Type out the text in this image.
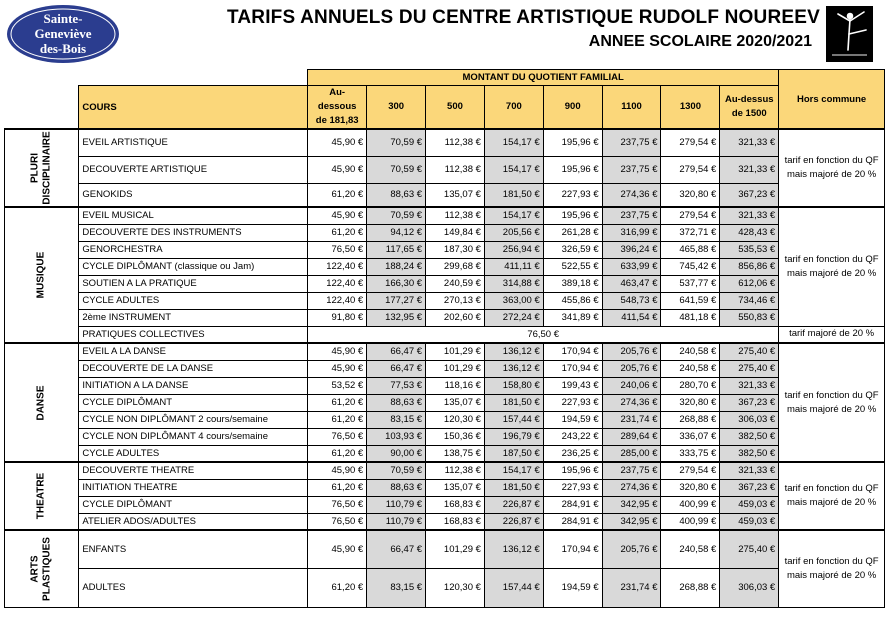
Sainte-
Geneviève
des-Bois
TARIFS ANNUELS DU CENTRE ARTISTIQUE RUDOLF NOUREEV
ANNEE SCOLAIRE 2020/2021
		MONTANT DU QUOTIENT FAMILIAL								Hors commune
	COURS	Au-dessous de 181,83	300	500	700	900	1100	1300	Au-dessus de 1500	

PLURI
DISCIPLINAIRE	EVEIL ARTISTIQUE	45,90 €	70,59 €	112,38 €	154,17 €	195,96 €	237,75 €	279,54 €	321,33 €	tarif en fonction du QF mais majoré de 20 %
	DECOUVERTE ARTISTIQUE	45,90 €	70,59 €	112,38 €	154,17 €	195,96 €	237,75 €	279,54 €	321,33 €	
	GENOKIDS	61,20 €	88,63 €	135,07 €	181,50 €	227,93 €	274,36 €	320,80 €	367,23 €	

MUSIQUE	EVEIL MUSICAL	45,90 €	70,59 €	112,38 €	154,17 €	195,96 €	237,75 €	279,54 €	321,33 €	tarif en fonction du QF mais majoré de 20 %
	DECOUVERTE DES INSTRUMENTS	61,20 €	94,12 €	149,84 €	205,56 €	261,28 €	316,99 €	372,71 €	428,43 €	
	GENORCHESTRA	76,50 €	117,65 €	187,30 €	256,94 €	326,59 €	396,24 €	465,88 €	535,53 €	
	CYCLE DIPLÔMANT (classique ou Jam)	122,40 €	188,24 €	299,68 €	411,11 €	522,55 €	633,99 €	745,42 €	856,86 €	
	SOUTIEN A LA PRATIQUE	122,40 €	166,30 €	240,59 €	314,88 €	389,18 €	463,47 €	537,77 €	612,06 €	
	CYCLE ADULTES	122,40 €	177,27 €	270,13 €	363,00 €	455,86 €	548,73 €	641,59 €	734,46 €	
	2ème INSTRUMENT	91,80 €	132,95 €	202,60 €	272,24 €	341,89 €	411,54 €	481,18 €	550,83 €	
	PRATIQUES COLLECTIVES	76,50 €								tarif majoré de 20 %

DANSE	EVEIL A LA DANSE	45,90 €	66,47 €	101,29 €	136,12 €	170,94 €	205,76 €	240,58 €	275,40 €	tarif en fonction du QF mais majoré de 20 %
	DECOUVERTE DE LA DANSE	45,90 €	66,47 €	101,29 €	136,12 €	170,94 €	205,76 €	240,58 €	275,40 €	
	INITIATION A LA DANSE	53,52 €	77,53 €	118,16 €	158,80 €	199,43 €	240,06 €	280,70 €	321,33 €	
	CYCLE DIPLÔMANT	61,20 €	88,63 €	135,07 €	181,50 €	227,93 €	274,36 €	320,80 €	367,23 €	
	CYCLE NON DIPLÔMANT 2 cours/semaine	61,20 €	83,15 €	120,30 €	157,44 €	194,59 €	231,74 €	268,88 €	306,03 €	
	CYCLE NON DIPLÔMANT 4 cours/semaine	76,50 €	103,93 €	150,36 €	196,79 €	243,22 €	289,64 €	336,07 €	382,50 €	
	CYCLE ADULTES	61,20 €	90,00 €	138,75 €	187,50 €	236,25 €	285,00 €	333,75 €	382,50 €	

THEATRE	DECOUVERTE THEATRE	45,90 €	70,59 €	112,38 €	154,17 €	195,96 €	237,75 €	279,54 €	321,33 €	tarif en fonction du QF mais majoré de 20 %
	INITIATION THEATRE	61,20 €	88,63 €	135,07 €	181,50 €	227,93 €	274,36 €	320,80 €	367,23 €	
	CYCLE DIPLÔMANT	76,50 €	110,79 €	168,83 €	226,87 €	284,91 €	342,95 €	400,99 €	459,03 €	
	ATELIER ADOS/ADULTES	76,50 €	110,79 €	168,83 €	226,87 €	284,91 €	342,95 €	400,99 €	459,03 €	

ARTS
PLASTIQUES	ENFANTS	45,90 €	66,47 €	101,29 €	136,12 €	170,94 €	205,76 €	240,58 €	275,40 €	tarif en fonction du QF mais majoré de 20 %
	ADULTES	61,20 €	83,15 €	120,30 €	157,44 €	194,59 €	231,74 €	268,88 €	306,03 €	
